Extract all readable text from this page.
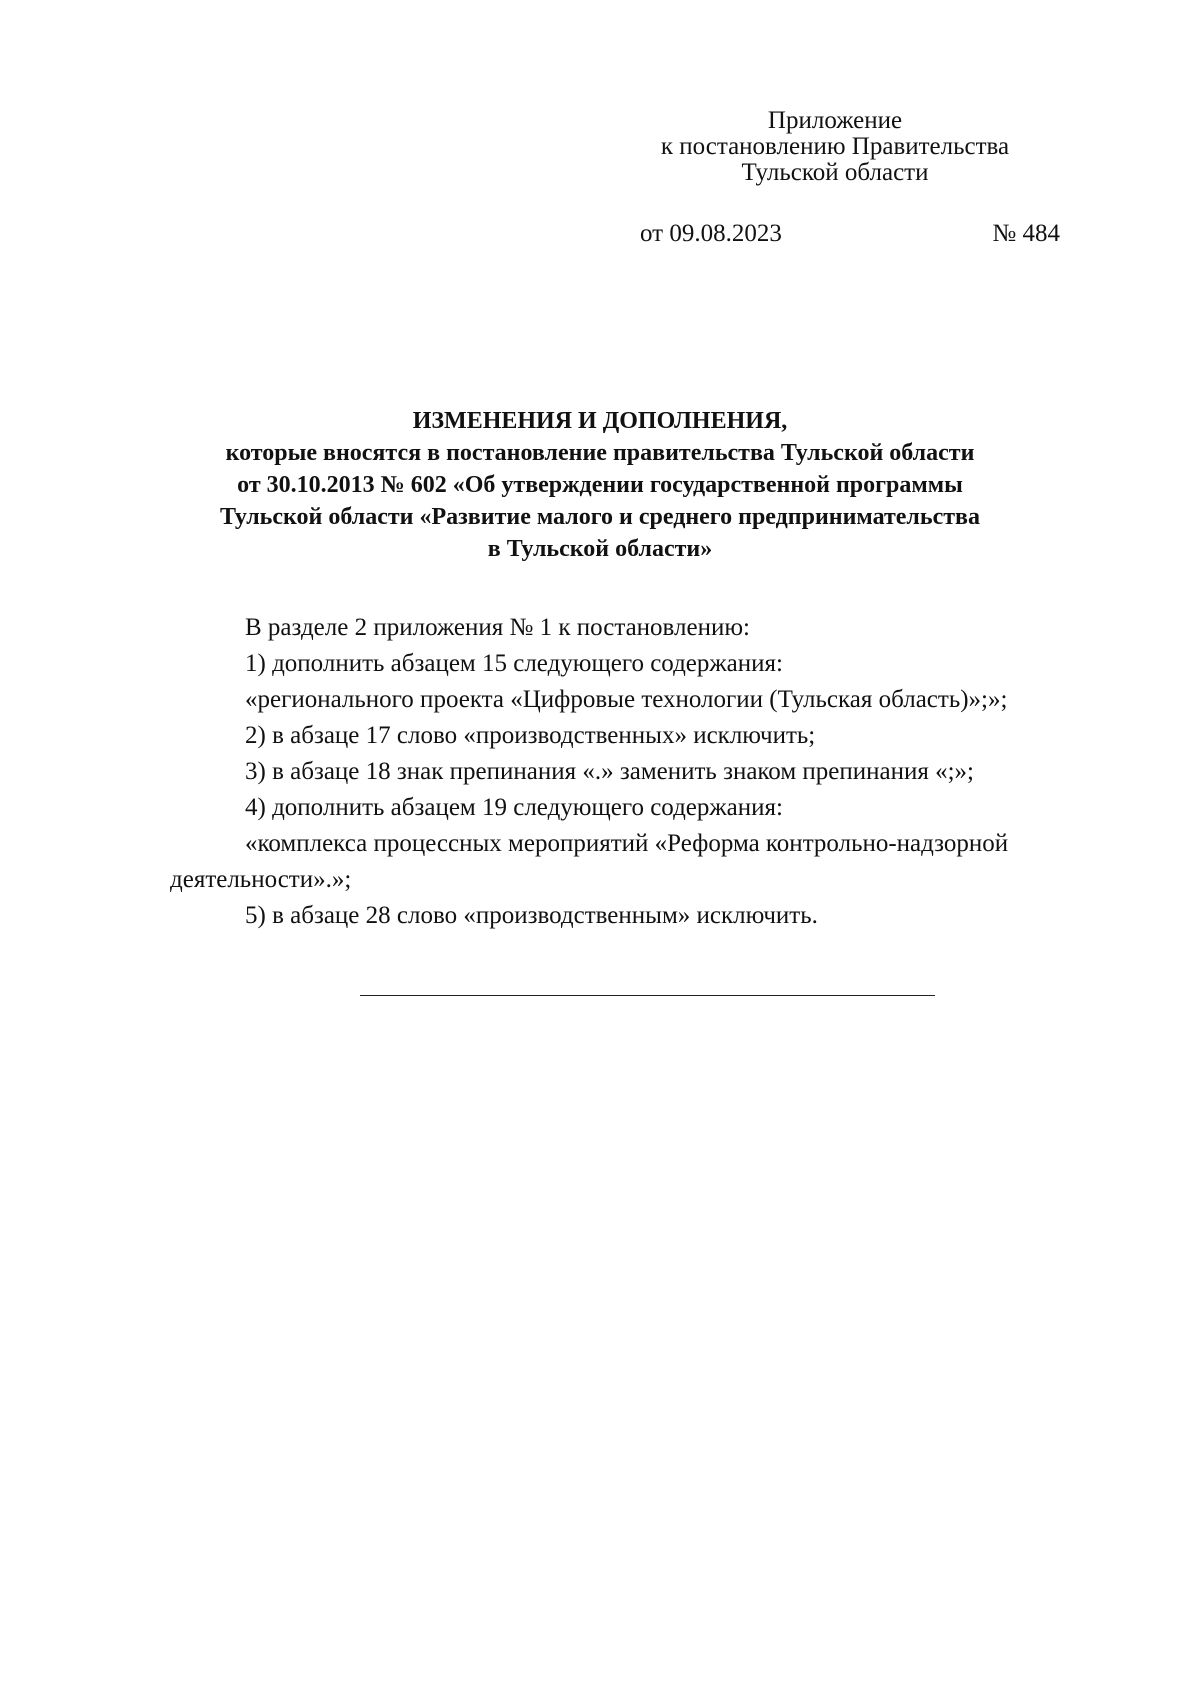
Приложение
к постановлению Правительства
Тульской области
от 09.08.2023	№ 484
ИЗМЕНЕНИЯ И ДОПОЛНЕНИЯ,
которые вносятся в постановление правительства Тульской области
от 30.10.2013 № 602 «Об утверждении государственной программы
Тульской области «Развитие малого и среднего предпринимательства
в Тульской области»
В разделе 2 приложения № 1 к постановлению:
1) дополнить абзацем 15 следующего содержания:
«регионального проекта «Цифровые технологии (Тульская область)»;»;
2) в абзаце 17 слово «производственных» исключить;
3) в абзаце 18 знак препинания «.» заменить знаком препинания «;»;
4) дополнить абзацем 19 следующего содержания:
«комплекса процессных мероприятий «Реформа контрольно-надзорной
деятельности».»;
5) в абзаце 28 слово «производственным» исключить.
